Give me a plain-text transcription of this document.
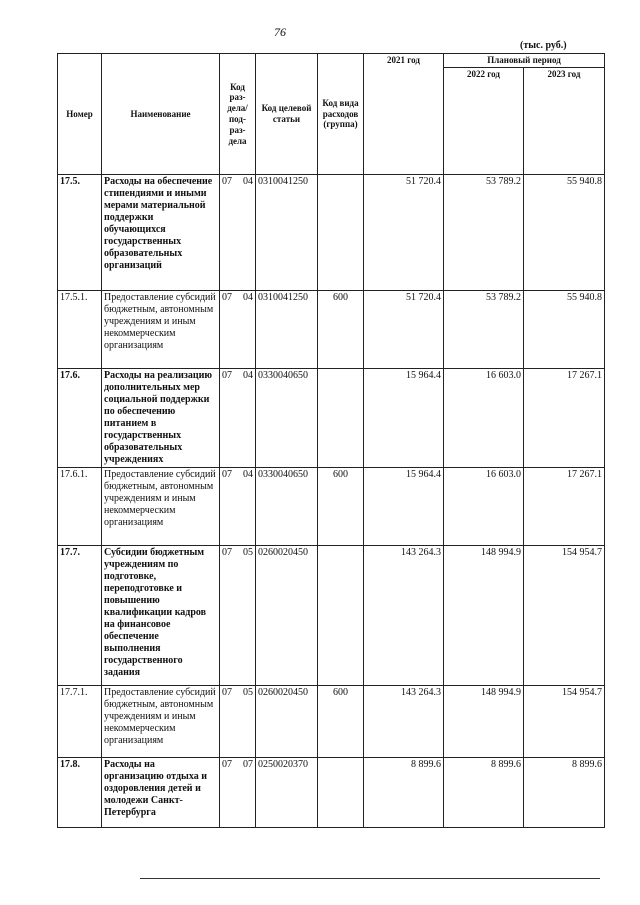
76
(тыс. руб.)
Номер	Наименование	Код раз-дела/ под-раз-дела	Код целевой статьи	Код вида расходов (группа)	2021 год	Плановый период	
						2022 год	2023 год
17.5.	Расходы на обеспечение стипендиями и иными мерами материальной поддержки обучающихся государственных образовательных организаций	07 04	0310041250		51 720.4	53 789.2	55 940.8
17.5.1.	Предоставление субсидий бюджетным, автономным учреждениям и иным некоммерческим организациям	07 04	0310041250	600	51 720.4	53 789.2	55 940.8
17.6.	Расходы на реализацию дополнительных мер социальной поддержки по обеспечению питанием в государственных образовательных учреждениях	07 04	0330040650		15 964.4	16 603.0	17 267.1
17.6.1.	Предоставление субсидий бюджетным, автономным учреждениям и иным некоммерческим организациям	07 04	0330040650	600	15 964.4	16 603.0	17 267.1
17.7.	Субсидии бюджетным учреждениям по подготовке, переподготовке и повышению квалификации кадров на финансовое обеспечение выполнения государственного задания	07 05	0260020450		143 264.3	148 994.9	154 954.7
17.7.1.	Предоставление субсидий бюджетным, автономным учреждениям и иным некоммерческим организациям	07 05	0260020450	600	143 264.3	148 994.9	154 954.7
17.8.	Расходы на организацию отдыха и оздоровления детей и молодежи Санкт-Петербурга	07 07	0250020370		8 899.6	8 899.6	8 899.6
